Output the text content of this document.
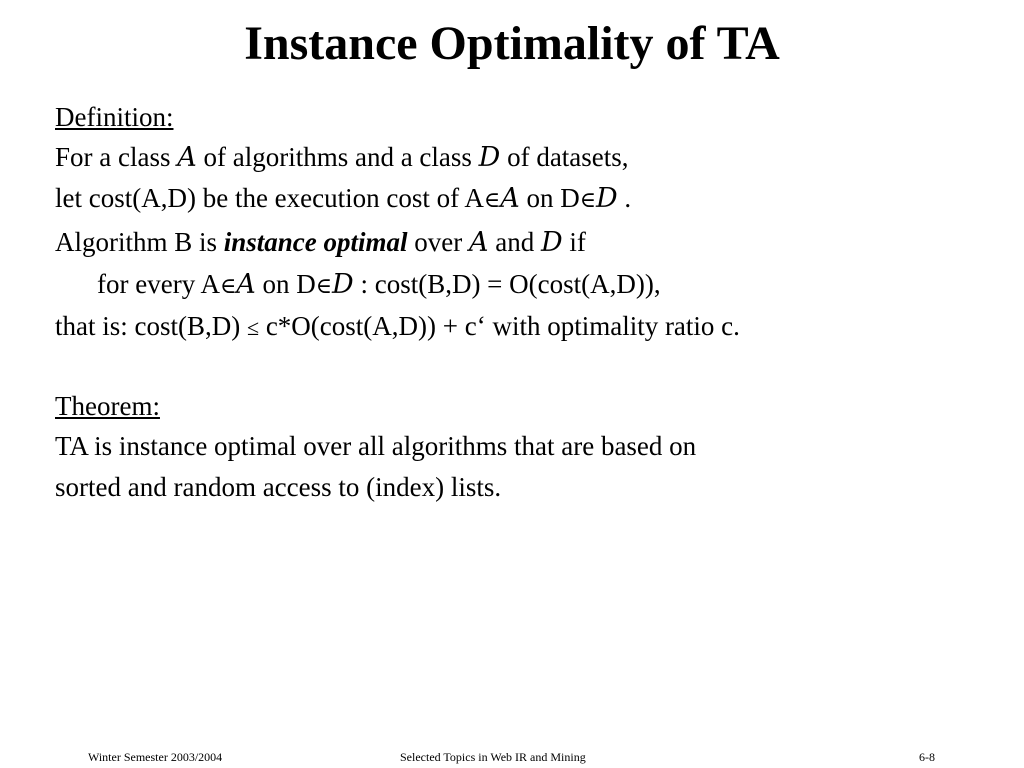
Instance Optimality of TA
Definition:
For a class A of algorithms and a class D of datasets,
let cost(A,D) be the execution cost of A∈A on D∈D .
Algorithm B is instance optimal over A and D if
for every A∈A on D∈D : cost(B,D) = O(cost(A,D)),
that is: cost(B,D) ≤ c*O(cost(A,D)) + c‘ with optimality ratio c.
Theorem:
TA is instance optimal over all algorithms that are based on
sorted and random access to (index) lists.
Winter Semester 2003/2004	Selected Topics in Web IR and Mining	6-8
